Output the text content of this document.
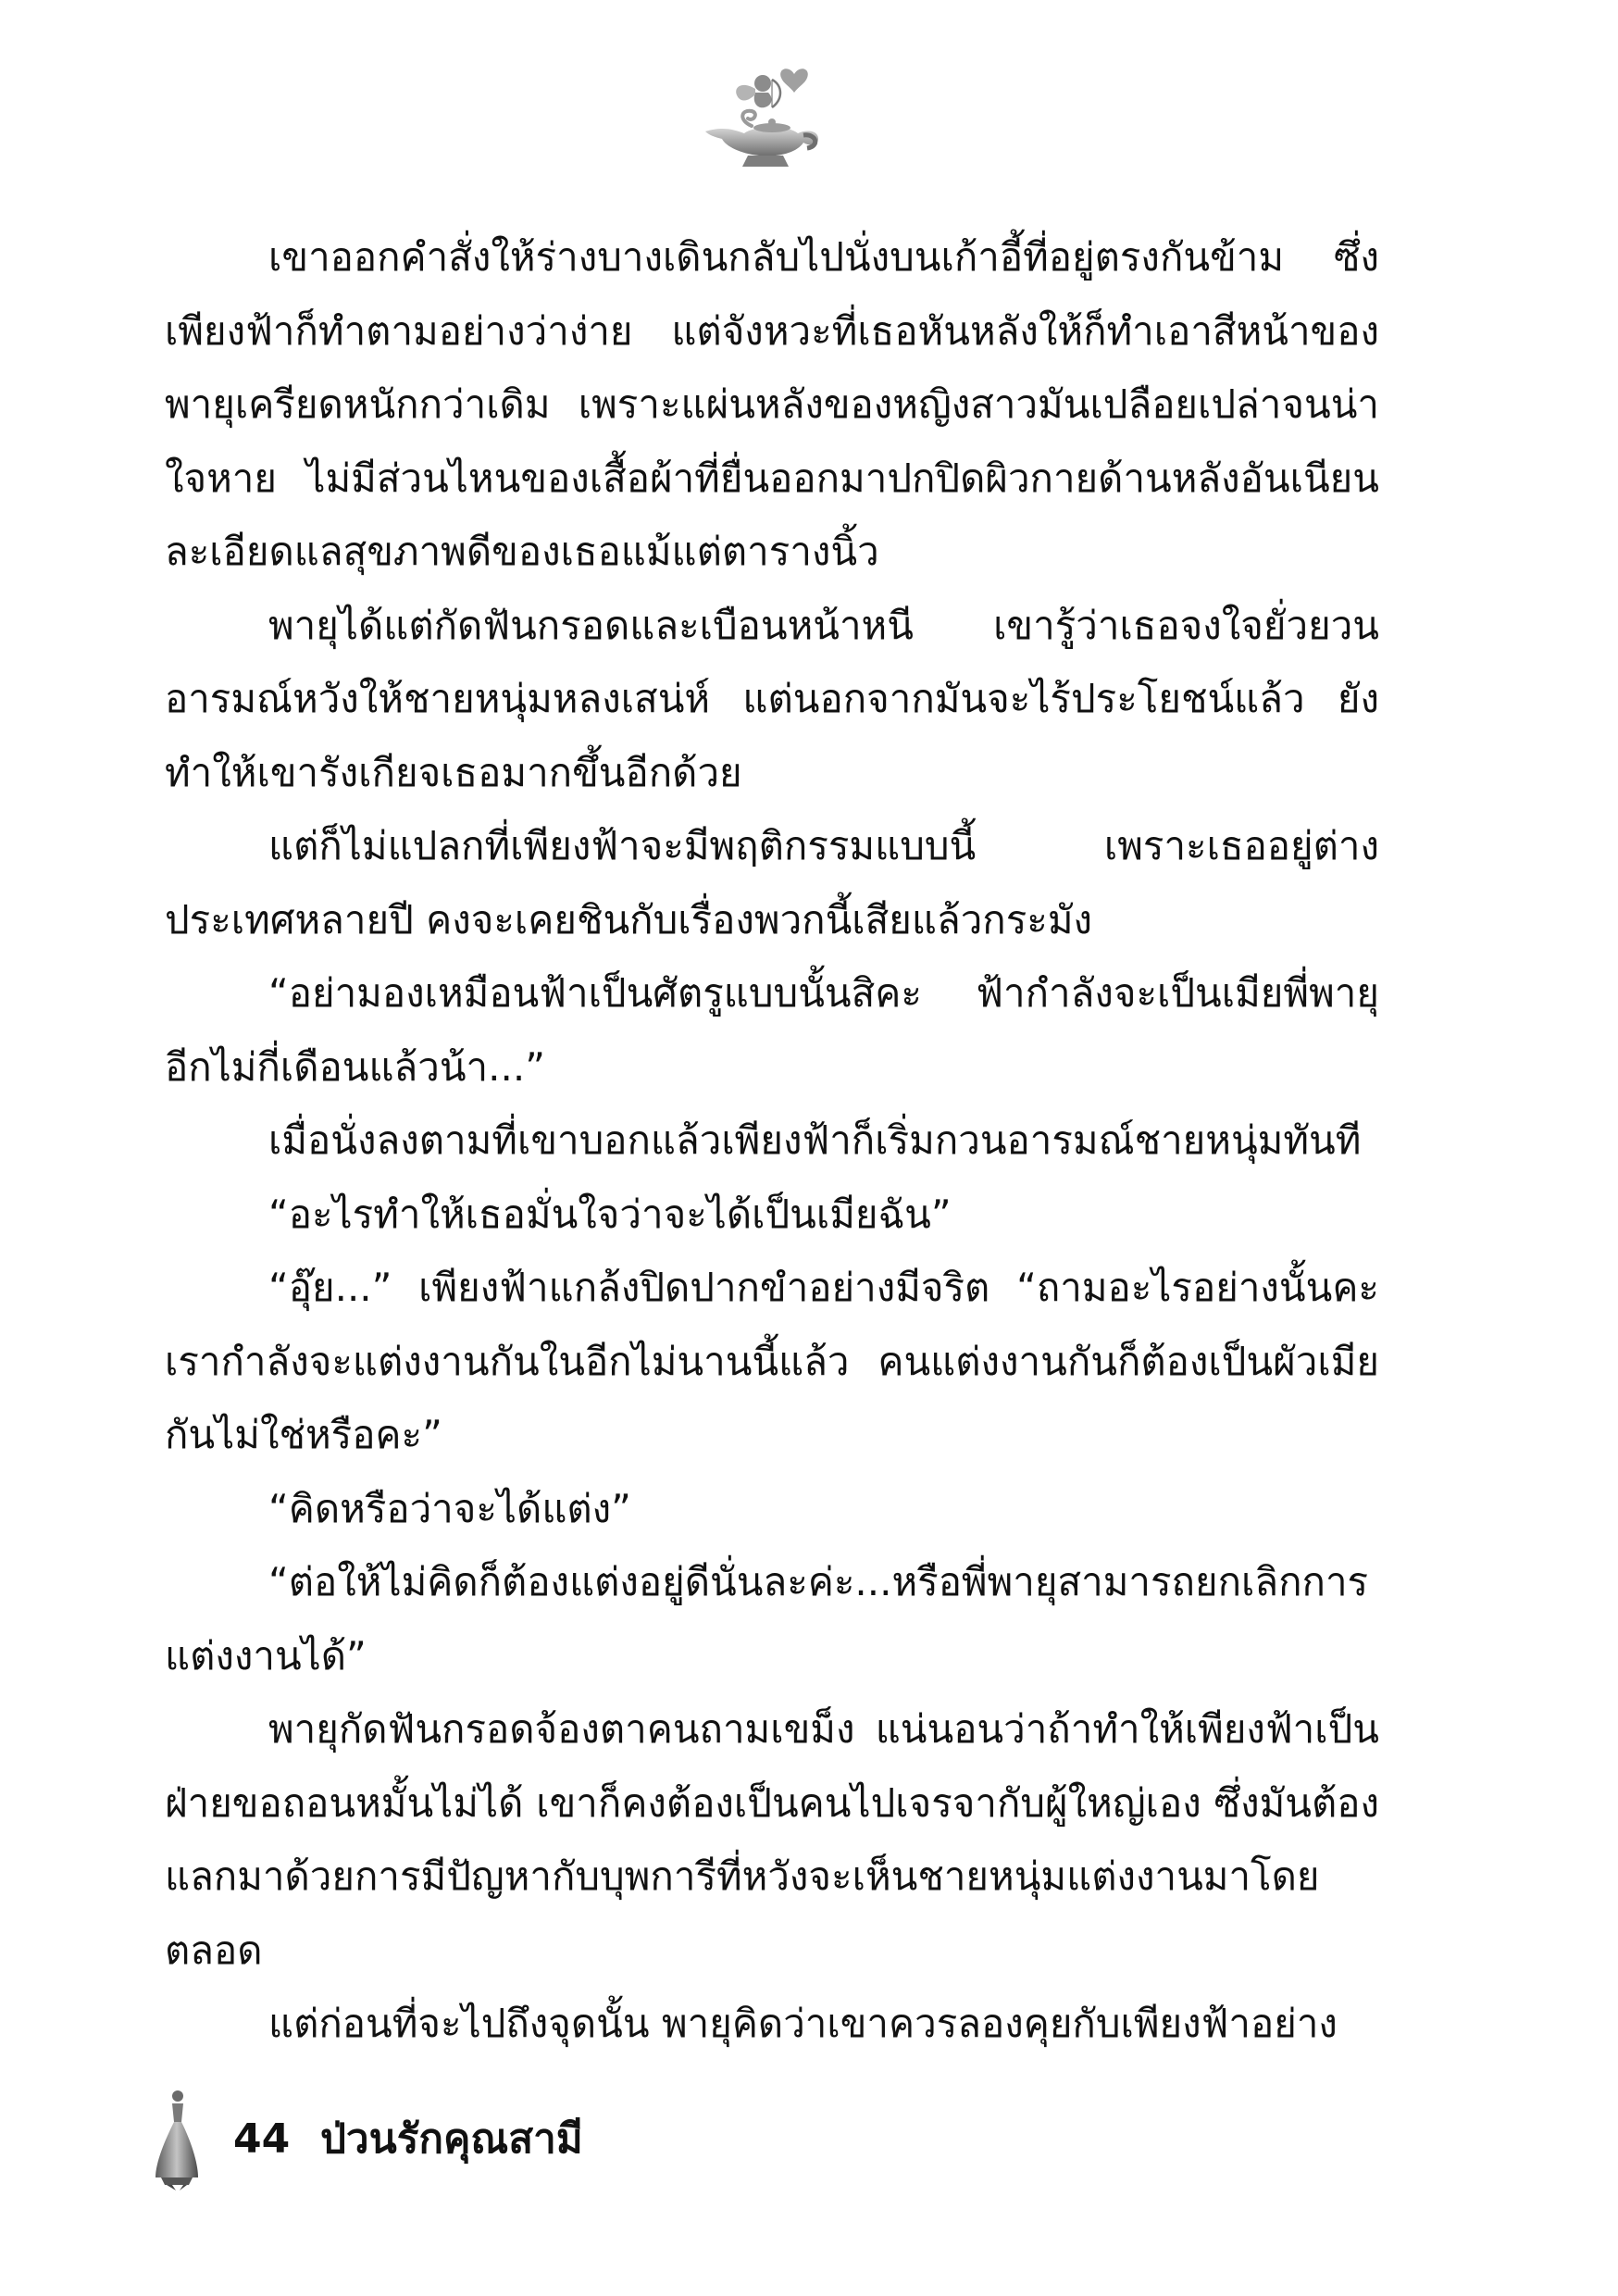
เขาออกคำสั่งให้ร่างบางเดินกลับไปนั่งบนเก้าอี้ที่อยู่ตรงกันข้าม ซึ่งเพียงฟ้าก็ทำตามอย่างว่าง่าย แต่จังหวะที่เธอหันหลังให้ก็ทำเอาสีหน้าของพายุเครียดหนักกว่าเดิม เพราะแผ่นหลังของหญิงสาวมันเปลือยเปล่าจนน่าใจหาย ไม่มีส่วนไหนของเสื้อผ้าที่ยื่นออกมาปกปิดผิวกายด้านหลังอันเนียนละเอียดแลสุขภาพดีของเธอแม้แต่ตารางนิ้ว

พายุได้แต่กัดฟันกรอดและเบือนหน้าหนี เขารู้ว่าเธอจงใจยั่วยวนอารมณ์หวังให้ชายหนุ่มหลงเสน่ห์ แต่นอกจากมันจะไร้ประโยชน์แล้ว ยังทำให้เขารังเกียจเธอมากขึ้นอีกด้วย

แต่ก็ไม่แปลกที่เพียงฟ้าจะมีพฤติกรรมแบบนี้ เพราะเธออยู่ต่างประเทศหลายปี คงจะเคยชินกับเรื่องพวกนี้เสียแล้วกระมัง

“อย่ามองเหมือนฟ้าเป็นศัตรูแบบนั้นสิคะ ฟ้ากำลังจะเป็นเมียพี่พายุอีกไม่กี่เดือนแล้วน้า...”

เมื่อนั่งลงตามที่เขาบอกแล้วเพียงฟ้าก็เริ่มกวนอารมณ์ชายหนุ่มทันที

“อะไรทำให้เธอมั่นใจว่าจะได้เป็นเมียฉัน”

“อุ๊ย...” เพียงฟ้าแกล้งปิดปากขำอย่างมีจริต “ถามอะไรอย่างนั้นคะ เรากำลังจะแต่งงานกันในอีกไม่นานนี้แล้ว คนแต่งงานกันก็ต้องเป็นผัวเมียกันไม่ใช่หรือคะ”

“คิดหรือว่าจะได้แต่ง”

“ต่อให้ไม่คิดก็ต้องแต่งอยู่ดีนั่นละค่ะ...หรือพี่พายุสามารถยกเลิกการแต่งงานได้”

พายุกัดฟันกรอดจ้องตาคนถามเขม็ง แน่นอนว่าถ้าทำให้เพียงฟ้าเป็นฝ่ายขอถอนหมั้นไม่ได้ เขาก็คงต้องเป็นคนไปเจรจากับผู้ใหญ่เอง ซึ่งมันต้องแลกมาด้วยการมีปัญหากับบุพการีที่หวังจะเห็นชายหนุ่มแต่งงานมาโดยตลอด

แต่ก่อนที่จะไปถึงจุดนั้น พายุคิดว่าเขาควรลองคุยกับเพียงฟ้าอย่าง

44 ป่วนรักคุณสามี
